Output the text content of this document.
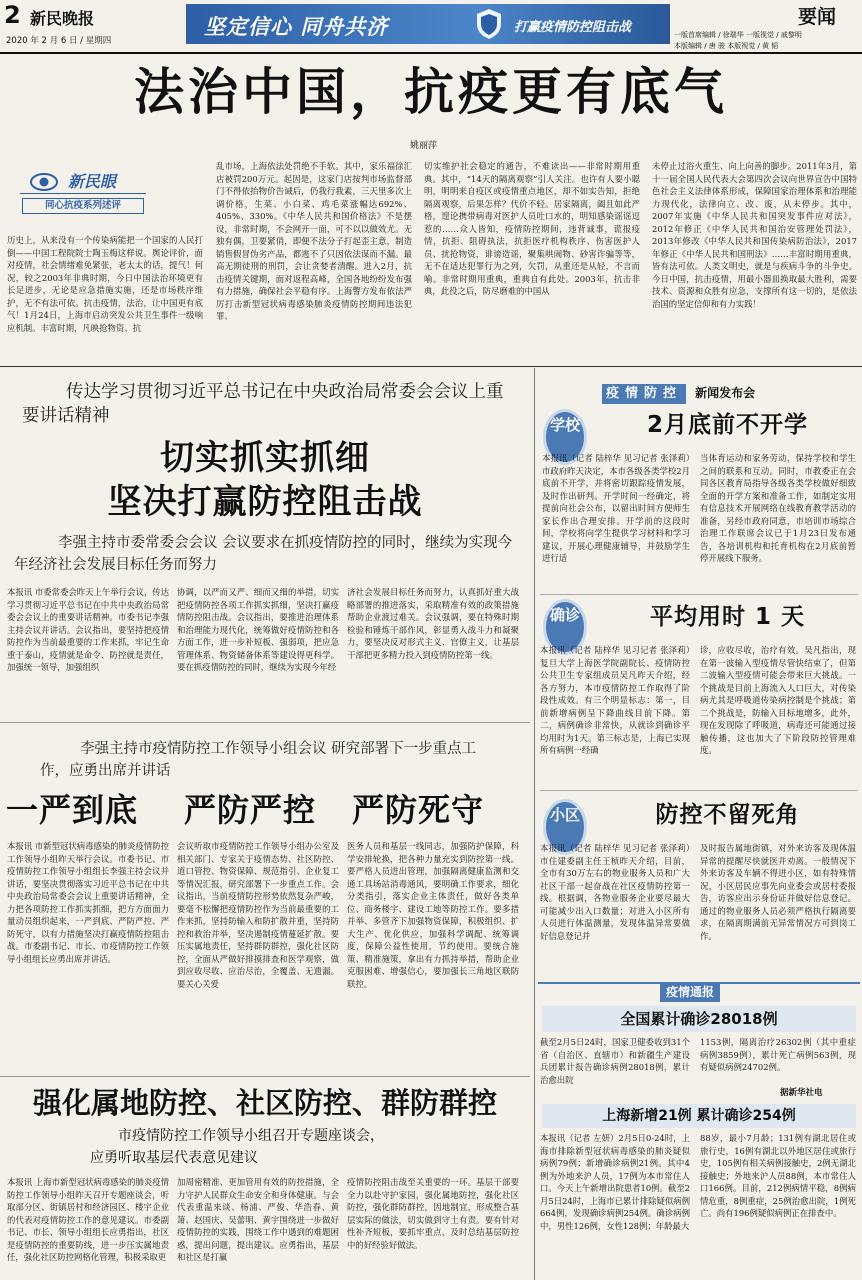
2 新民晚报
2020 年 2 月 6 日 / 星期四
坚定信心 同舟共济	打赢疫情防控阻击战	要闻
一版首席编辑 / 徐瑞华 一版视觉 / 戚黎明
本版编辑 / 唐 骏 本版视觉 / 黄 韬
法治中国，抗疫更有底气
姚丽萍
新民眼
同心抗疫系列述评
历史上，从来没有一个传染病能把一个国家的人民打倒——中国工程院院士陶玉梅这样说。舆论评价，面对疫情，社会情绪难免紧张，老太太的话，提气！何况，较之2003年非典时期，今日中国法治环境更有长足进步，无论是应急措施实施，还是市场秩序维护，无不有法可依。抗击疫情，法治，让中国更有底气！1月24日，上海市启动突发公共卫生事件一级响应机制。丰富时期，凡映抢物资、抗
乱市场，上海依法处罚绝不手软。其中，家乐福徐汇店被罚200万元。起因是，这家门店按判市场监督部门不得依抬物价告诫后，仍我行我素，三天里多次上调价格，生菜、小白菜、鸡毛菜涨幅达692%、405%、330%。《中华人民共和国价格法》不是摆设，非常时期，不会网开一面，可不以以做效尤。无独有偶，卫要紧俏，即便不法分子打起歪主意，制造销售假冒伪劣产品，都逃不了只因依法谋而不漏。最高无期徒刑的刑罚，会让贪婪者清醒。进入2月，抗击疫情关键期，面对返程高峰，全国各地纷纷发布强有力措施，确保社会平稳有序。上海警方发布依法严厉打击新型冠状病毒感染肺炎疫情防控期间违法犯罪、
切实维护社会稳定的通告，不难读出——非常时期用重典。其中，“14天的隔离观察”引人关注。也许有人要小聪明，明明来自疫区或疫情重点地区，却不如实告知，拒绝隔离观察，后果怎样？代价不轻。居家隔离，阖且如此严格，遑论携带病毒对医护人员吐口水的，明知感染谣谣逗惹的……众人皆知，疫情防控期间，违背诚事，谎报疫情，抗拒、阻碍执法，抗拒医疗机构秩序、伤害医护人员、扰抢物资，诽谤造谣，聚集哄闹物、砂害诈骗等等，无不在适达犯罪行为之列，欠罚，从重还是从轻，不言而喻。非常时期用重典，重典自有此处。2003年，抗击非典，此役之后，防尽磨难的中国从
未停止过浴火重生、向上向善的脚步。2011年3月，第十一届全国人民代表大会第四次会议向世界宣告中国特色社会主义法律体系形成，保障国家治理体系和治理能力现代化，法律向立、改、废，从未停步。其中，2007年实施《中华人民共和国突发事件应对法》，2012年修正《中华人民共和国治安管理处罚法》，2013年修改《中华人民共和国传染病防治法》，2017年修正《中华人民共和国刑法》……丰富时期用重典，皆有法可依。人类文明史，就是与疾病斗争的斗争史。今日中国，抗击疫情，用最小器皿换取最大胜利，需要技术、资源和众胜有应急，支撑所有这一切的，是依法治国的坚定信仰和有力实践！
传达学习贯彻习近平总书记在中央政治局常委会会议上重要讲话精神
切实抓实抓细
坚决打赢防控阻击战
李强主持市委常委会会议 会议要求在抓疫情防控的同时，继续为实现今年经济社会发展目标任务而努力
本报讯 市委常委会昨天上午举行会议，传达学习贯彻习近平总书记在中共中央政治局常委会会议上的重要讲话精神。市委书记李强主持会议并讲话。会议指出，要坚持把疫情防控作为当前最重要的工作来抓，牢记生命重于泰山，疫情就是命令、防控就是责任，加强统一领导，加强组织
协调，以严而又严、细而又细的举措，切实把疫情防控各项工作抓实抓细，坚决打赢疫情防控阻击战。会议指出，要推进治理体系和治理能力现代化，统筹做好疫情防控和各方面工作，进一步补短板、强弱项，把应急管理体系、物资储备体系等建设得更科学。要在抓疫情防控的同时，继续为实现今年经
济社会发展目标任务而努力，认真抓好重大战略部署的推进落实，采取精准有效的政策措施帮助企业渡过难关。会议强调，要在特殊时期检验和锤炼干部作风，彰显勇入战斗力和凝聚力，要坚决反对形式主义、官僚主义，让基层干部把更多精力投入到疫情防控第一线。
李强主持市疫情防控工作领导小组会议 研究部署下一步重点工作，应勇出席并讲话
一严到底 严防严控 严防死守
本报讯 市新型冠状病毒感染的肺炎疫情防控工作领导小组昨天举行会议。市委书记、市疫情防控工作领导小组组长李强主持会议并讲话，要坚决贯彻落实习近平总书记在中共中央政治局常委会会议上重要讲话精神，全力把各项防控工作抓实抓细，把方方面面力量动员组织起来，一严到底、严防严控、严防死守，以有力措施坚决打赢疫情防控阻击战。市委副书记、市长、市疫情防控工作领导小组组长应勇出席并讲话。
会议听取市疫情防控工作领导小组办公室及相关部门、专家关于疫情态势、社区防控、道口管控、物资保障、规范指引、企业复工等情况汇报，研究部署下一步重点工作。会议指出，当前疫情防控形势依然复杂严峻，要毫不松懈把疫情防控作为当前最重要的工作来抓，坚持防输入和防扩散并重，坚持防控和救治并举，坚决遏制疫情蔓延扩散。要压实属地责任，坚持群防群控，强化社区防控，全面从严做好排摸排查和医学观察，做到应收尽收、应治尽治，全覆盖、无遗漏。要关心关爱
医务人员和基层一线同志，加强防护保障，科学安排轮换，把各种力量充实到防控第一线。要严格人员进出管理，加强隔离健康监测和交通工具场站消毒通风，要明确工作要求，细化分类指引，落实企业主体责任，做好各类单位、商务楼宇、建设工地等防控工作。要多措并举、多管齐下加强物资保障，积极组织、扩大生产、优化供应，加强科学调配、统筹调度，保障公益性使用，节约使用。要统合施策、精准施策，拿出有力抓持举措，帮助企业克服困难、增强信心，要加强长三角地区联防联控。
强化属地防控、社区防控、群防群控
市疫情防控工作领导小组召开专题座谈会，
应勇听取基层代表意见建议
本报讯 上海市新型冠状病毒感染的肺炎疫情防控工作领导小组昨天召开专题座谈会，听取部分区、街镇居村和经济园区、楼宇企业的代表对疫情防控工作的意见建议。市委副书记、市长、领导小组组长应勇指出，社区是疫情防控的重要防线，进一步压实属地责任，强化社区防控网格化管理，积极采取更
加周密精准、更加管用有效的防控措施，全力守护人民群众生命安全和身体健康。与会代表重温来谈、杨浦、严俊、华浩春、黄箫、赵国庆、吴蕾明、黄宇围绕进一步做好疫情防控的实践，围绕工作中遇到的难题困惑，提出问题，提出建议。应勇指出，基层和社区是打赢
疫情防控阻击战至关重要的一环。基层干部要全力以赴守护家园，强化属地防控，强化社区防控，强化群防群控，因地制宜，形成整合基层实际的做法，切实做到守土有责。要有针对性补齐短板，要抓牢重点，及时总结基层防控中的好经验好做法。
疫情防控 新闻发布会
学校	2月底前不开学
本报讯（记者 陆梓华 见习记者 张泽莉）市政府昨天决定，本市各级各类学校2月底前不开学，并将密切跟踪疫情发展，及时作出研判。开学时间一经确定，将提前向社会公布，以留出时间方便师生家长作出合理安排。开学前的这段时间，学校将向学生提供学习材料和学习建议，开展心理健康辅导，并鼓励学生进行适
当体育运动和家务劳动，保持学校和学生之间的联系和互动。同时，市教委正在会同各区教育局指导各级各类学校做好细致全面的开学方案和准备工作，如制定实用有信息技术开展网络在线教育教学活动的准备，另经市政府同意，市培训市场综合治理工作联席会议已于1月23日发布通告，各培训机构和托育机构在2月底前暂停开展线下服务。
确诊	平均用时 1 天
本报讯（记者 陆梓华 见习记者 张泽莉）复旦大学上海医学院副院长、疫情防控公共卫生专家组成员吴凡昨天介绍，经各方努力，本市疫情防控工作取得了阶段性成效。有三个明显标志：第一，目前新增病例呈下降曲线目前下降。第二，病例确诊非常快，从就诊到确诊平均用时为1天。第三标志是，上海已实现所有病例一经确
诊，应收尽收，治疗有效。吴凡指出，现在第一波输入型疫情尽管快结束了，但第二波输入型疫情可能会带来巨大挑战。一个挑战是目前上海流入人口巨大，对传染病尤其是呼吸道传染病控制是个挑战；第二个挑战是，防输入目标地增多，此外，现在发现除了呼吸道，病毒还可能通过接触传播，这也加大了下阶段防控管理难度。
小区	防控不留死角
本报讯（记者 陆梓华 见习记者 张泽莉）市住建委副主任王桢昨天介绍，目前，全市有30万左右的物业服务人员和广大社区干部一起奋战在社区疫情防控第一线。根据调，各物业服务企业要尽最大可能减少出入口数量；对进入小区所有人员进行体温测量，发现体温异常要做好信息登记并
及时报告属地街镇，对外来访客及现体温异常的提醒尽快就医并劝离。一般情况下外来访客及车辆不得进小区，如有特殊情况，小区居民应事先向业委会或居村委报告，访客应出示身份证并做好信息登记。通过的物业服务人员必须严格执行隔离要求，在隔离期满前无异常情况方可到岗工作。
疫情通报
全国累计确诊28018例
截至2月5日24时，国家卫健委收到31个省（自治区、直辖市）和新疆生产建设兵团累计报告确诊病例28018例，累计治愈出院
1153例，隔离治疗26302例（其中重症病例3859例），累计死亡病例563例，现有疑似病例24702例。
据新华社电
上海新增21例 累计确诊254例
本报讯（记者 左妍）2月5日0-24时，上海市排除新型冠状病毒感染的肺炎疑似病例79例；新增确诊病例21例。其中4例为外地来沪人员，17例为本市常住人口。今天上午新增出院患者10例。截至2月5日24时，上海市已累计排除疑似病例664例，发现确诊病例254例。确诊病例中，男性126例，女性128例；年龄最大
88岁，最小7月龄；131例有湖北居住或旅行史，16例有湖北以外地区居住或旅行史，105例有相关病例接触史，2例无湖北接触史；外地来沪人员88例，本市常住人口166例。目前，212例病情平稳，8例病情危重，8例重症，25例治愈出院，1例死亡。尚有196例疑似病例正在排查中。
